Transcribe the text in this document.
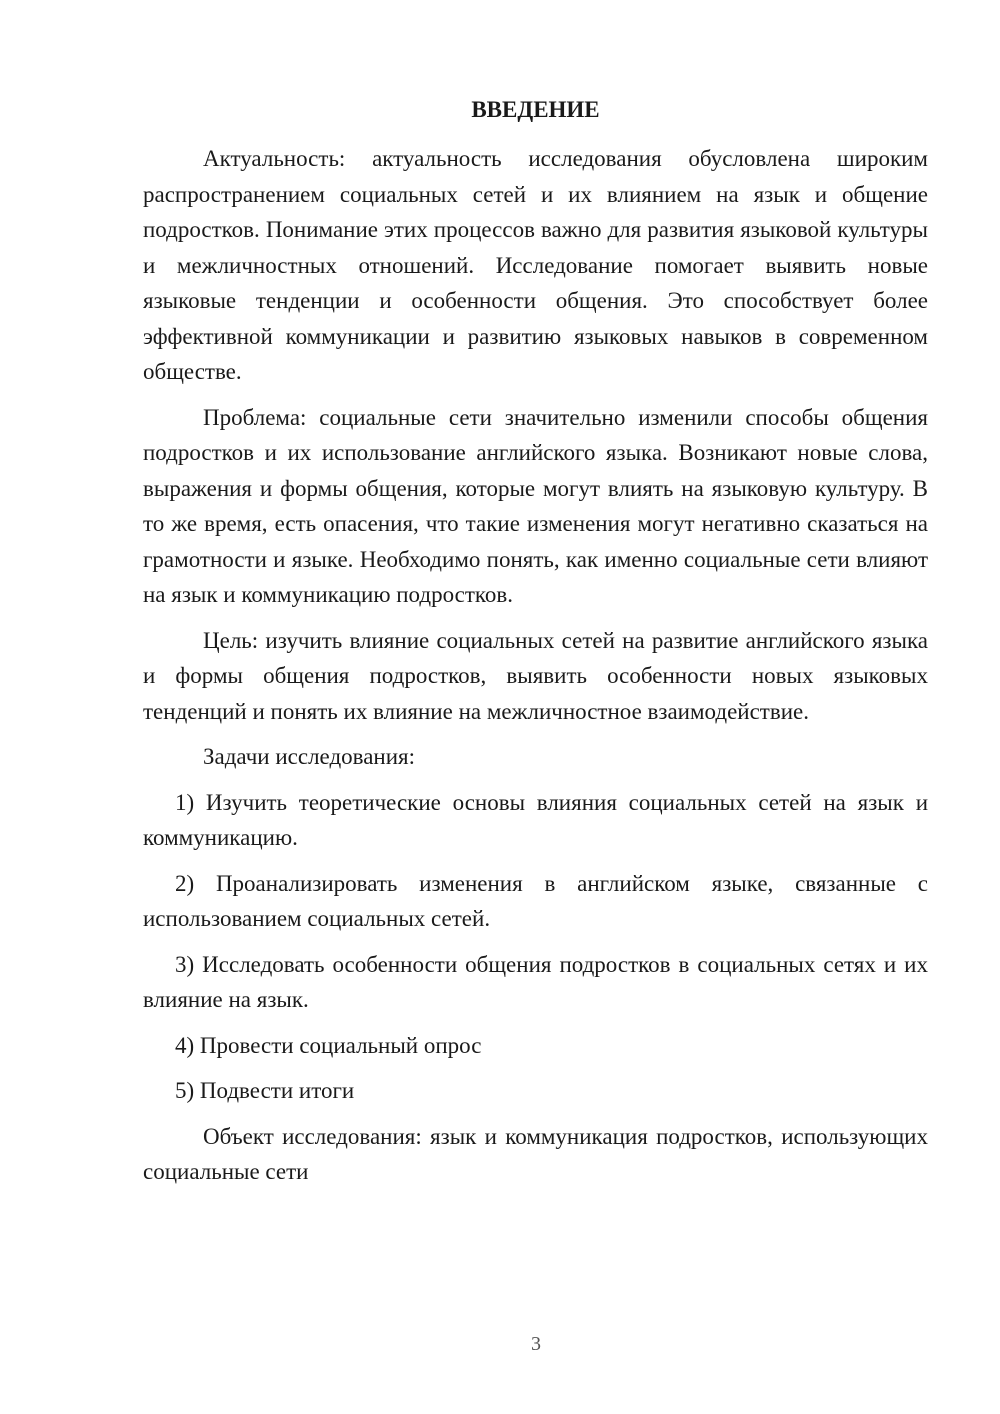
ВВЕДЕНИЕ

Актуальность: актуальность исследования обусловлена широким распространением социальных сетей и их влиянием на язык и общение подростков. Понимание этих процессов важно для развития языковой культуры и межличностных отношений. Исследование помогает выявить новые языковые тенденции и особенности общения. Это способствует более эффективной коммуникации и развитию языковых навыков в современном обществе.

Проблема: социальные сети значительно изменили способы общения подростков и их использование английского языка. Возникают новые слова, выражения и формы общения, которые могут влиять на языковую культуру. В то же время, есть опасения, что такие изменения могут негативно сказаться на грамотности и языке. Необходимо понять, как именно социальные сети влияют на язык и коммуникацию подростков.

Цель: изучить влияние социальных сетей на развитие английского языка и формы общения подростков, выявить особенности новых языковых тенденций и понять их влияние на межличностное взаимодействие.

Задачи исследования:

1) Изучить теоретические основы влияния социальных сетей на язык и коммуникацию.

2) Проанализировать изменения в английском языке, связанные с использованием социальных сетей.

3) Исследовать особенности общения подростков в социальных сетях и их влияние на язык.

4) Провести социальный опрос

5) Подвести итоги

Объект исследования: язык и коммуникация подростков, использующих социальные сети

3
